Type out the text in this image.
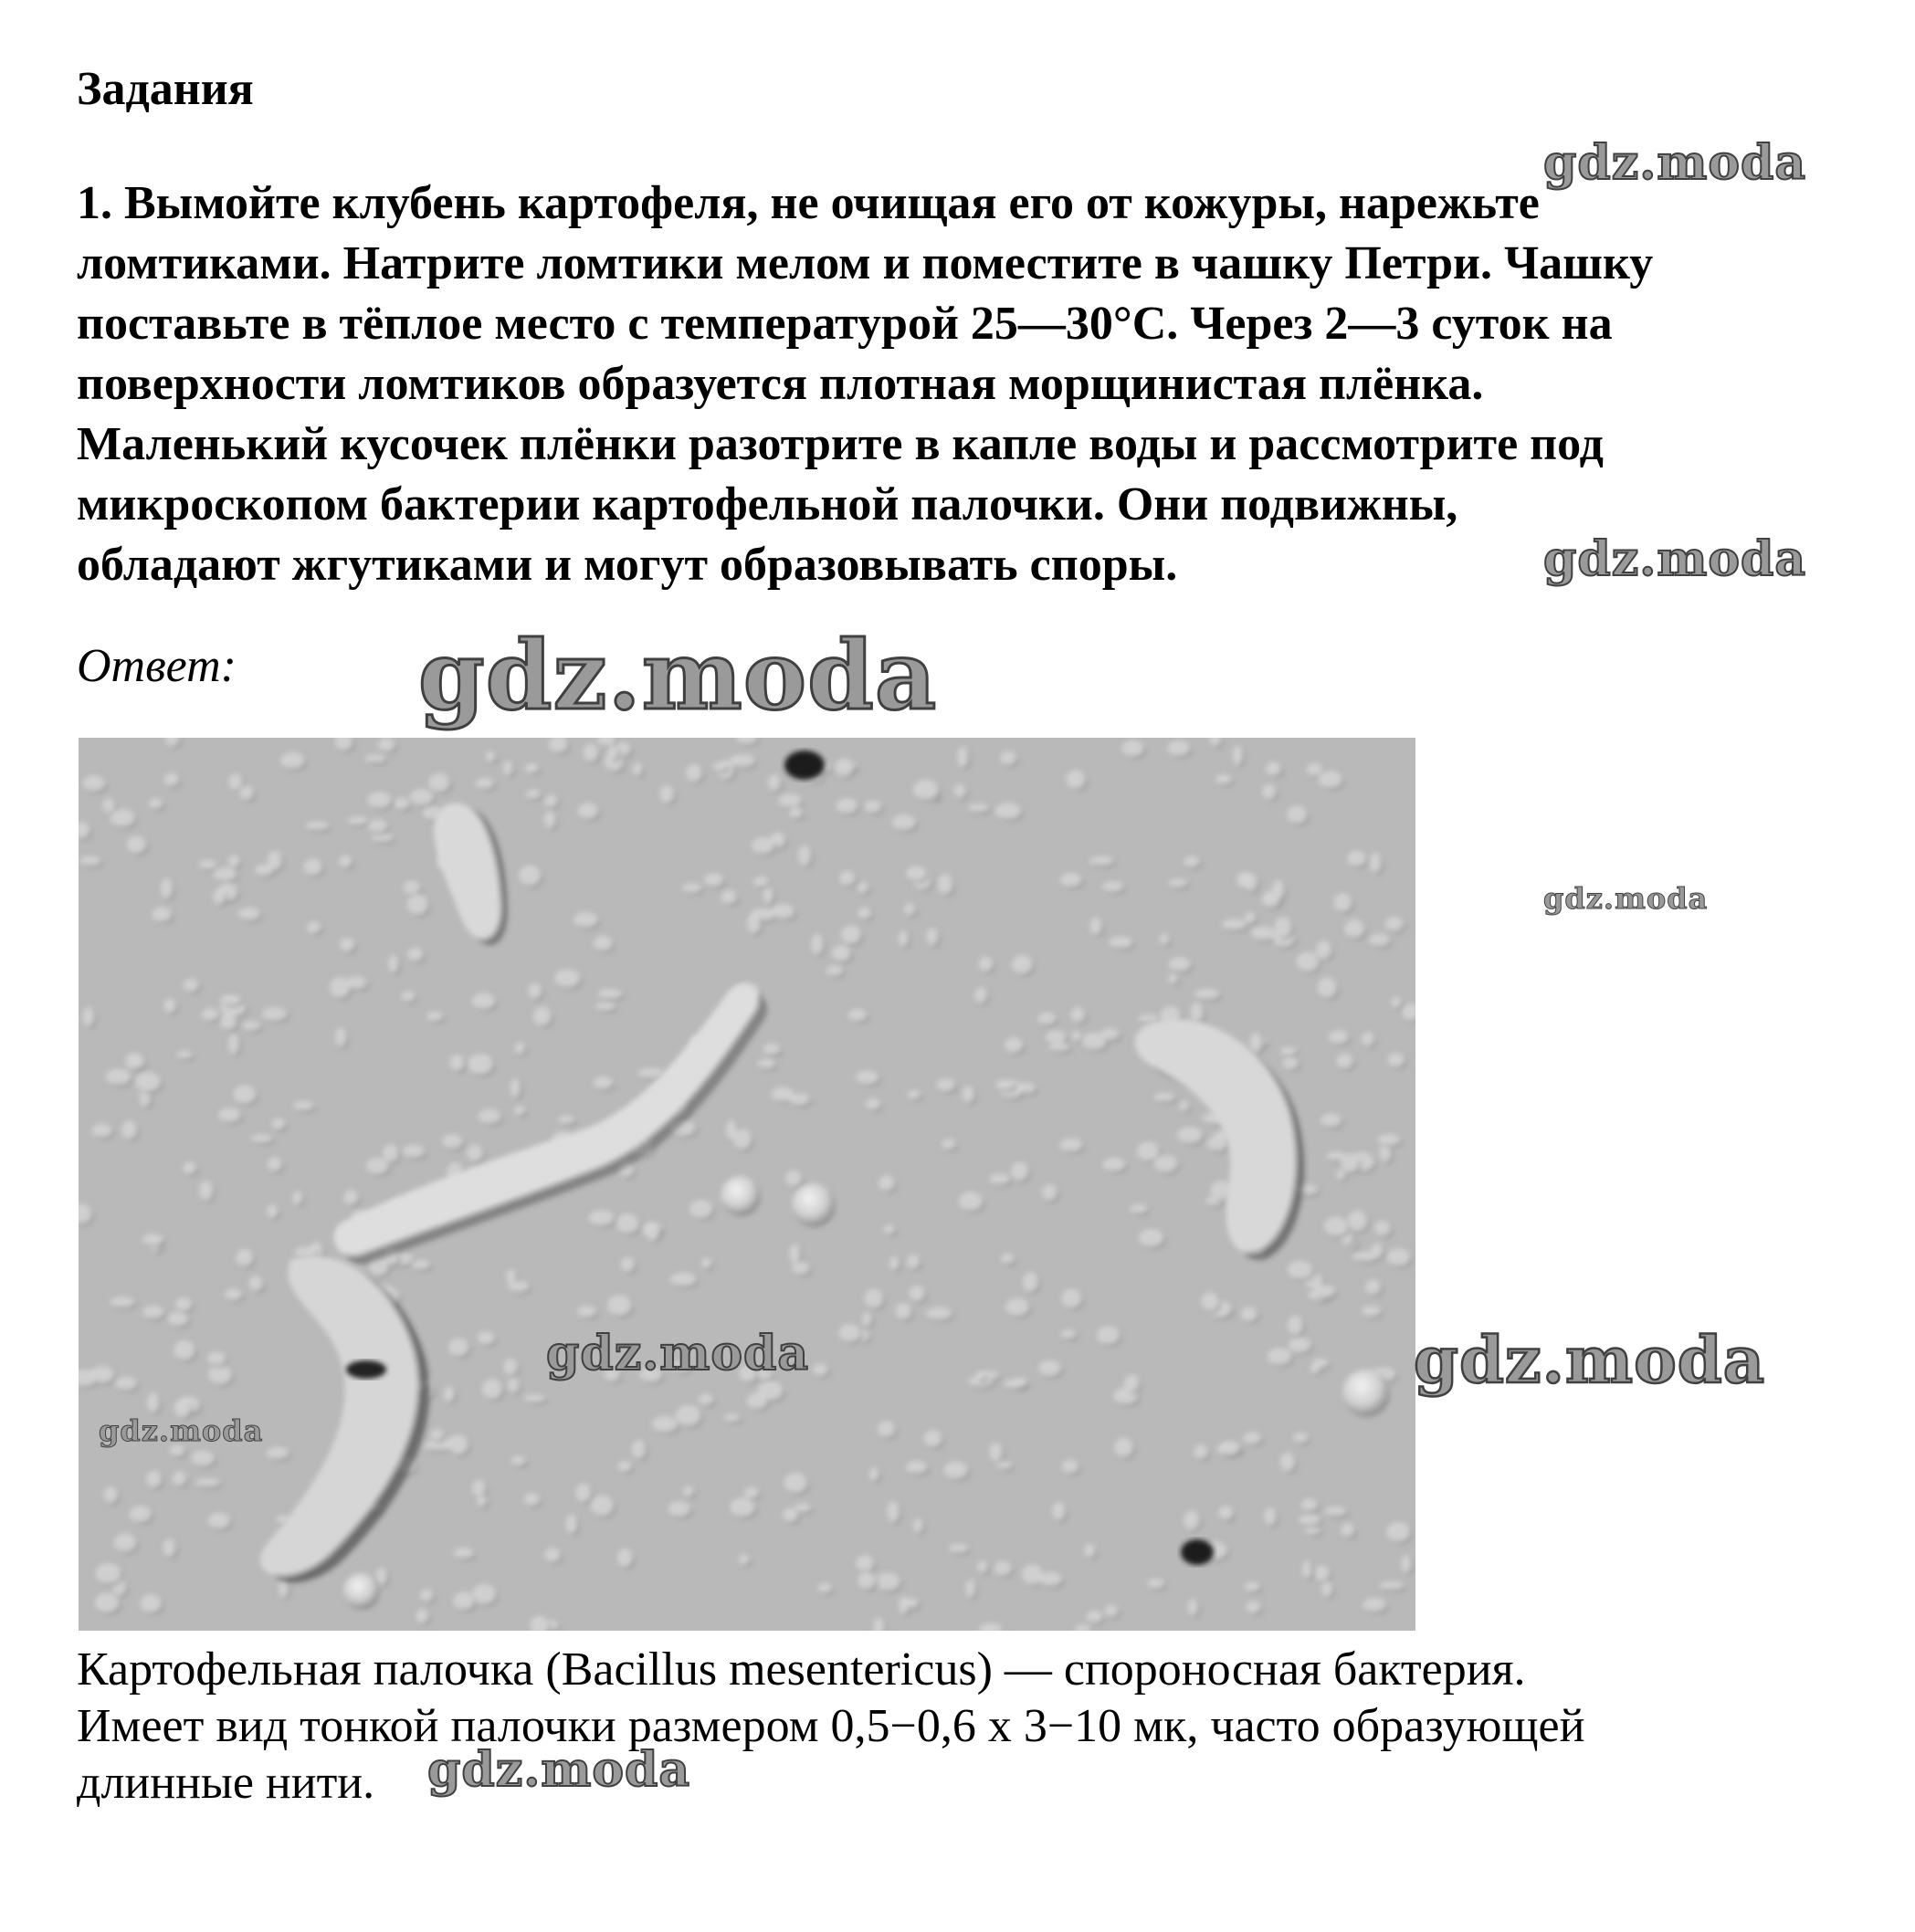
Задания
1. Вымойте клубень картофеля, не очищая его от кожуры, нарежьте
ломтиками. Натрите ломтики мелом и поместите в чашку Петри. Чашку
поставьте в тёплое место с температурой 25—30°С. Через 2—3 суток на
поверхности ломтиков образуется плотная морщинистая плёнка.
Маленький кусочек плёнки разотрите в капле воды и рассмотрите под
микроскопом бактерии картофельной палочки. Они подвижны,
обладают жгутиками и могут образовывать споры.
Ответ:
Картофельная палочка (Bacillus mesentericus) — спороносная бактерия.
Имеет вид тонкой палочки размером 0,5−0,6 х 3−10 мк, часто образующей
длинные нити.
gdz.moda
gdz.moda
gdz.moda
gdz.moda
gdz.moda	gdz.moda
gdz.moda
gdz.moda
